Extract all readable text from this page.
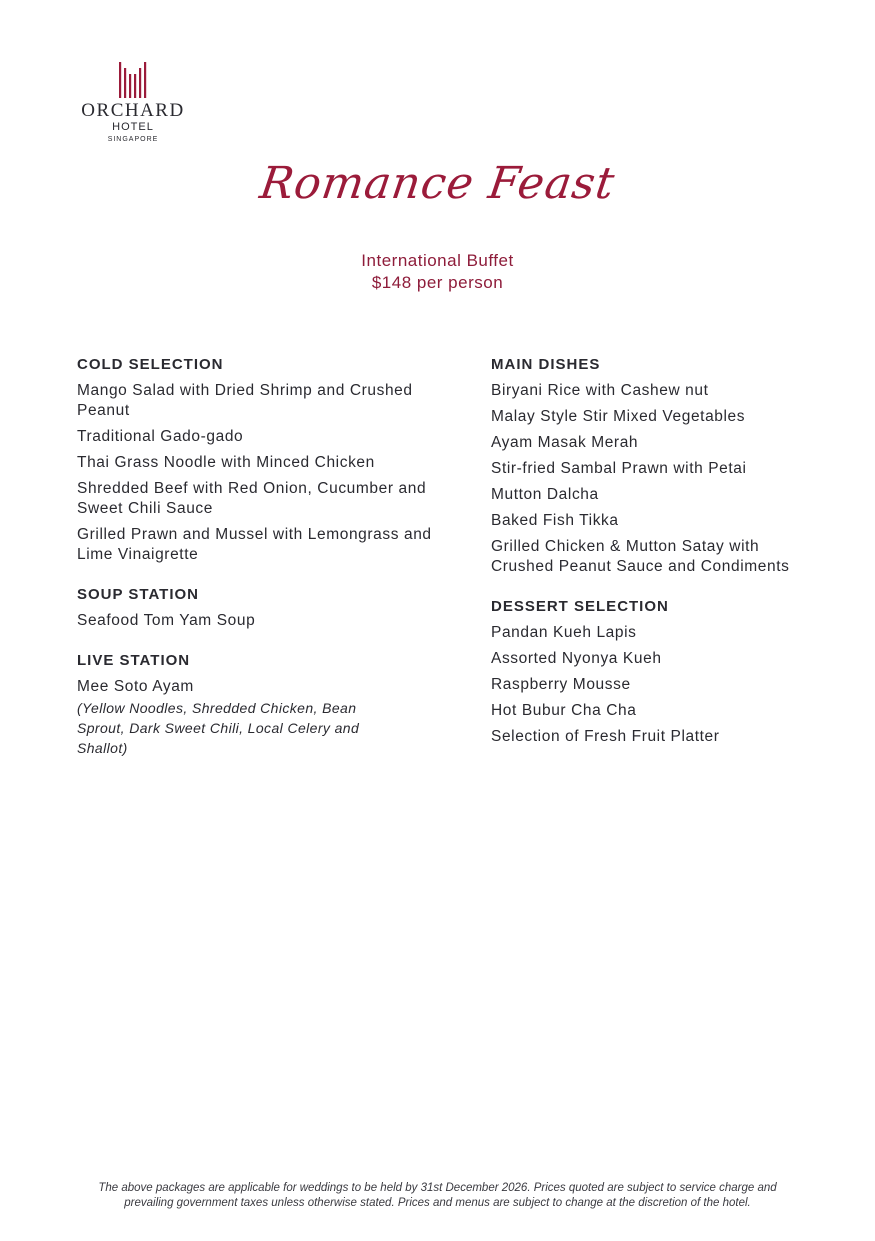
ORCHARD
HOTEL
SINGAPORE
Romance Feast
International Buffet
$148 per person
COLD SELECTION
Mango Salad with Dried Shrimp and Crushed Peanut
Traditional Gado-gado
Thai Grass Noodle with Minced Chicken
Shredded Beef with Red Onion, Cucumber and Sweet Chili Sauce
Grilled Prawn and Mussel with Lemongrass and Lime Vinaigrette
SOUP STATION
Seafood Tom Yam Soup
LIVE STATION
Mee Soto Ayam
(Yellow Noodles, Shredded Chicken, Bean Sprout, Dark Sweet Chili, Local Celery and Shallot)
MAIN DISHES
Biryani Rice with Cashew nut
Malay Style Stir Mixed Vegetables
Ayam Masak Merah
Stir-fried Sambal Prawn with Petai
Mutton Dalcha
Baked Fish Tikka
Grilled Chicken & Mutton Satay with Crushed Peanut Sauce and Condiments
DESSERT SELECTION
Pandan Kueh Lapis
Assorted Nyonya Kueh
Raspberry Mousse
Hot Bubur Cha Cha
Selection of Fresh Fruit Platter
The above packages are applicable for weddings to be held by 31st December 2026. Prices quoted are subject to service charge and
prevailing government taxes unless otherwise stated. Prices and menus are subject to change at the discretion of the hotel.
